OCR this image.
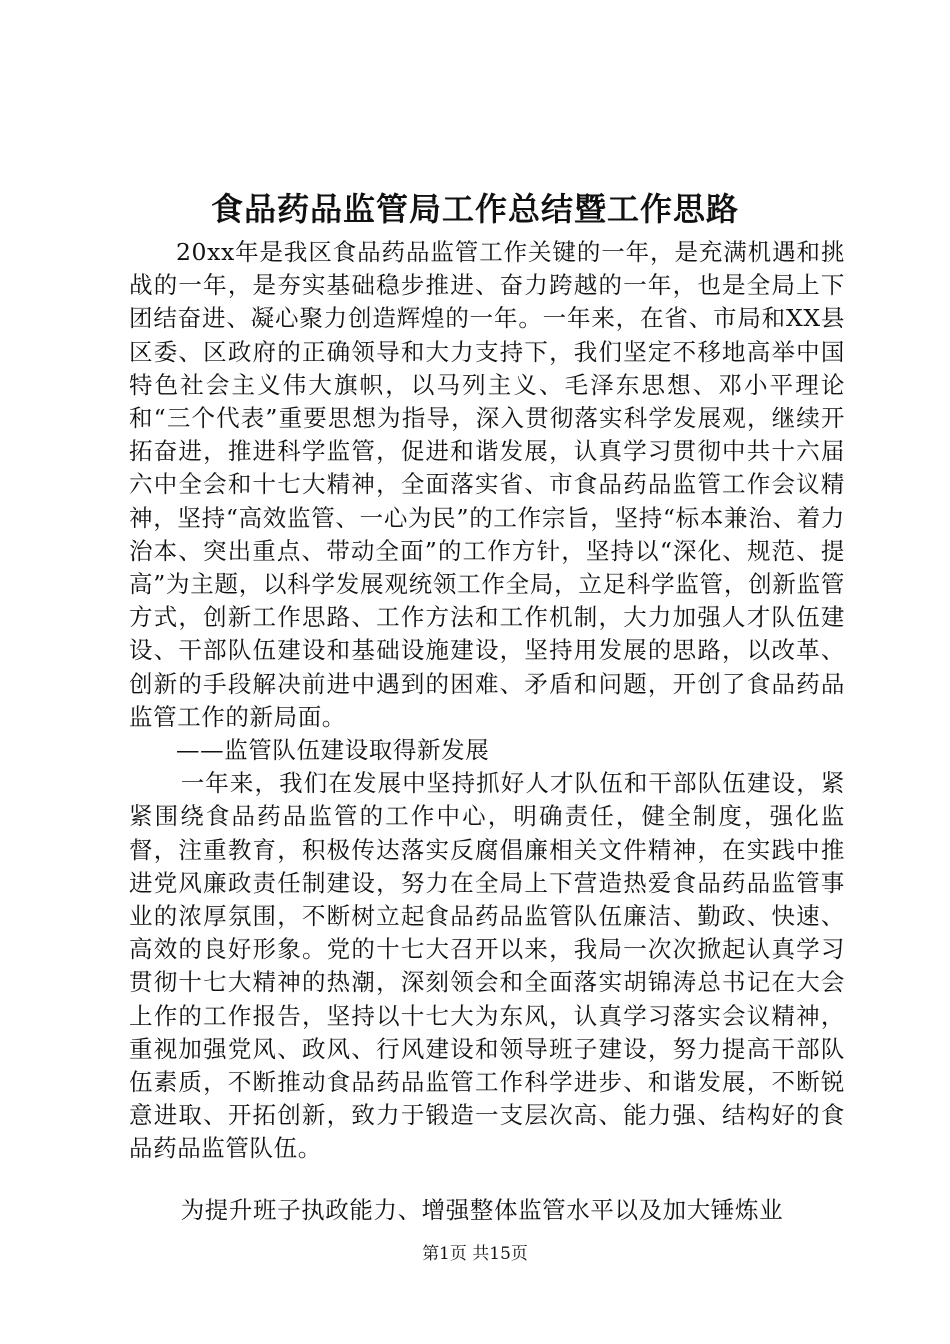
食品药品监管局工作总结暨工作思路

20xx年是我区食品药品监管工作关键的一年，是充满机遇和挑战的一年，是夯实基础稳步推进、奋力跨越的一年，也是全局上下团结奋进、凝心聚力创造辉煌的一年。一年来，在省、市局和XX县区委、区政府的正确领导和大力支持下，我们坚定不移地高举中国特色社会主义伟大旗帜，以马列主义、毛泽东思想、邓小平理论和“三个代表”重要思想为指导，深入贯彻落实科学发展观，继续开拓奋进，推进科学监管，促进和谐发展，认真学习贯彻中共十六届六中全会和十七大精神，全面落实省、市食品药品监管工作会议精神，坚持“高效监管、一心为民”的工作宗旨，坚持“标本兼治、着力治本、突出重点、带动全面”的工作方针，坚持以“深化、规范、提高”为主题，以科学发展观统领工作全局，立足科学监管，创新监管方式，创新工作思路、工作方法和工作机制，大力加强人才队伍建设、干部队伍建设和基础设施建设，坚持用发展的思路，以改革、创新的手段解决前进中遇到的困难、矛盾和问题，开创了食品药品监管工作的新局面。

——监管队伍建设取得新发展

一年来，我们在发展中坚持抓好人才队伍和干部队伍建设，紧紧围绕食品药品监管的工作中心，明确责任，健全制度，强化监督，注重教育，积极传达落实反腐倡廉相关文件精神，在实践中推进党风廉政责任制建设，努力在全局上下营造热爱食品药品监管事业的浓厚氛围，不断树立起食品药品监管队伍廉洁、勤政、快速、高效的良好形象。党的十七大召开以来，我局一次次掀起认真学习贯彻十七大精神的热潮，深刻领会和全面落实胡锦涛总书记在大会上作的工作报告，坚持以十七大为东风，认真学习落实会议精神，重视加强党风、政风、行风建设和领导班子建设，努力提高干部队伍素质，不断推动食品药品监管工作科学进步、和谐发展，不断锐意进取、开拓创新，致力于锻造一支层次高、能力强、结构好的食品药品监管队伍。

为提升班子执政能力、增强整体监管水平以及加大锤炼业

第1页 共15页
